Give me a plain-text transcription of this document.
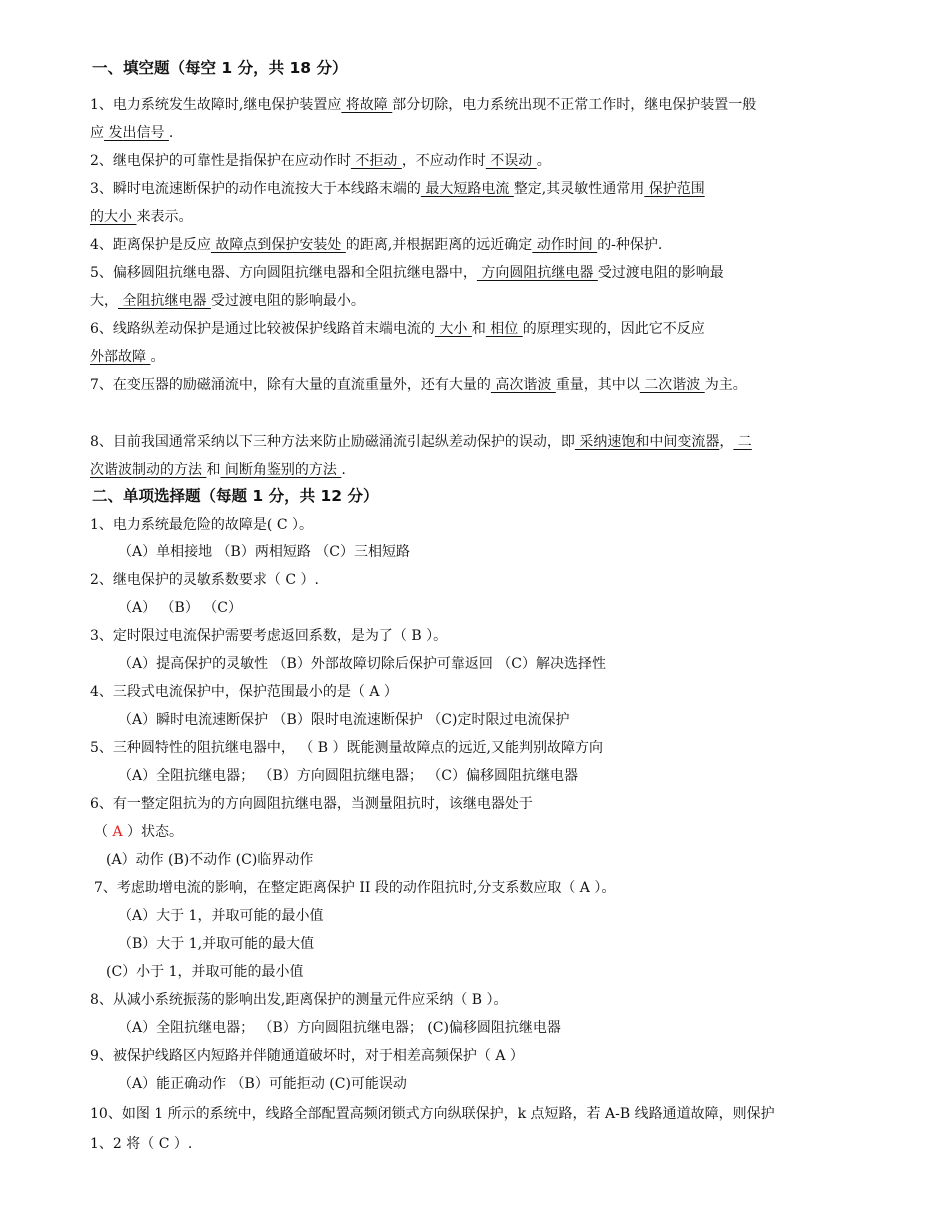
一、填空题（每空 1 分，共 18 分）
1、电力系统发生故障时,继电保护装置应 将故障 部分切除，电力系统出现不正常工作时，继电保护装置一般
应 发出信号 .
2、继电保护的可靠性是指保护在应动作时 不拒动 ，不应动作时 不误动 。
3、瞬时电流速断保护的动作电流按大于本线路末端的 最大短路电流 整定,其灵敏性通常用 保护范围
的大小 来表示。
4、距离保护是反应 故障点到保护安装处 的距离,并根据距离的远近确定 动作时间 的-种保护.
5、偏移圆阻抗继电器、方向圆阻抗继电器和全阻抗继电器中， 方向圆阻抗继电器 受过渡电阻的影响最
大， 全阻抗继电器 受过渡电阻的影响最小。
6、线路纵差动保护是通过比较被保护线路首末端电流的 大小 和 相位 的原理实现的，因此它不反应
外部故障 。
7、在变压器的励磁涌流中，除有大量的直流重量外，还有大量的 高次谐波 重量，其中以 二次谐波 为主。
8、目前我国通常采纳以下三种方法来防止励磁涌流引起纵差动保护的误动，即 采纳速饱和中间变流器， 二
次谐波制动的方法 和 间断角鉴别的方法 .
二、单项选择题（每题 1 分，共 12 分）
1、电力系统最危险的故障是( C ）。
（A）单相接地 （B）两相短路 （C）三相短路
2、继电保护的灵敏系数要求（ C ）.
（A） （B） （C）
3、定时限过电流保护需要考虑返回系数，是为了（ B ）。
（A）提高保护的灵敏性 （B）外部故障切除后保护可靠返回 （C）解决选择性
4、三段式电流保护中，保护范围最小的是（ A ）
（A）瞬时电流速断保护 （B）限时电流速断保护 （C)定时限过电流保护
5、三种圆特性的阻抗继电器中， （ B ）既能测量故障点的远近,又能判别故障方向
（A）全阻抗继电器； （B）方向圆阻抗继电器； （C）偏移圆阻抗继电器
6、有一整定阻抗为的方向圆阻抗继电器，当测量阻抗时，该继电器处于
（ A ）状态。
(A）动作 (B)不动作 (C)临界动作
7、考虑助增电流的影响，在整定距离保护 II 段的动作阻抗时,分支系数应取（ A ）。
（A）大于 1，并取可能的最小值
（B）大于 1,并取可能的最大值
(C）小于 1，并取可能的最小值
8、从减小系统振荡的影响出发,距离保护的测量元件应采纳（ B ）。
（A）全阻抗继电器； （B）方向圆阻抗继电器； (C)偏移圆阻抗继电器
9、被保护线路区内短路并伴随通道破坏时，对于相差高频保护（ A ）
（A）能正确动作 （B）可能拒动 (C)可能误动
10、如图 1 所示的系统中，线路全部配置高频闭锁式方向纵联保护，k 点短路，若 A-B 线路通道故障，则保护
1、2 将（ C ）.
